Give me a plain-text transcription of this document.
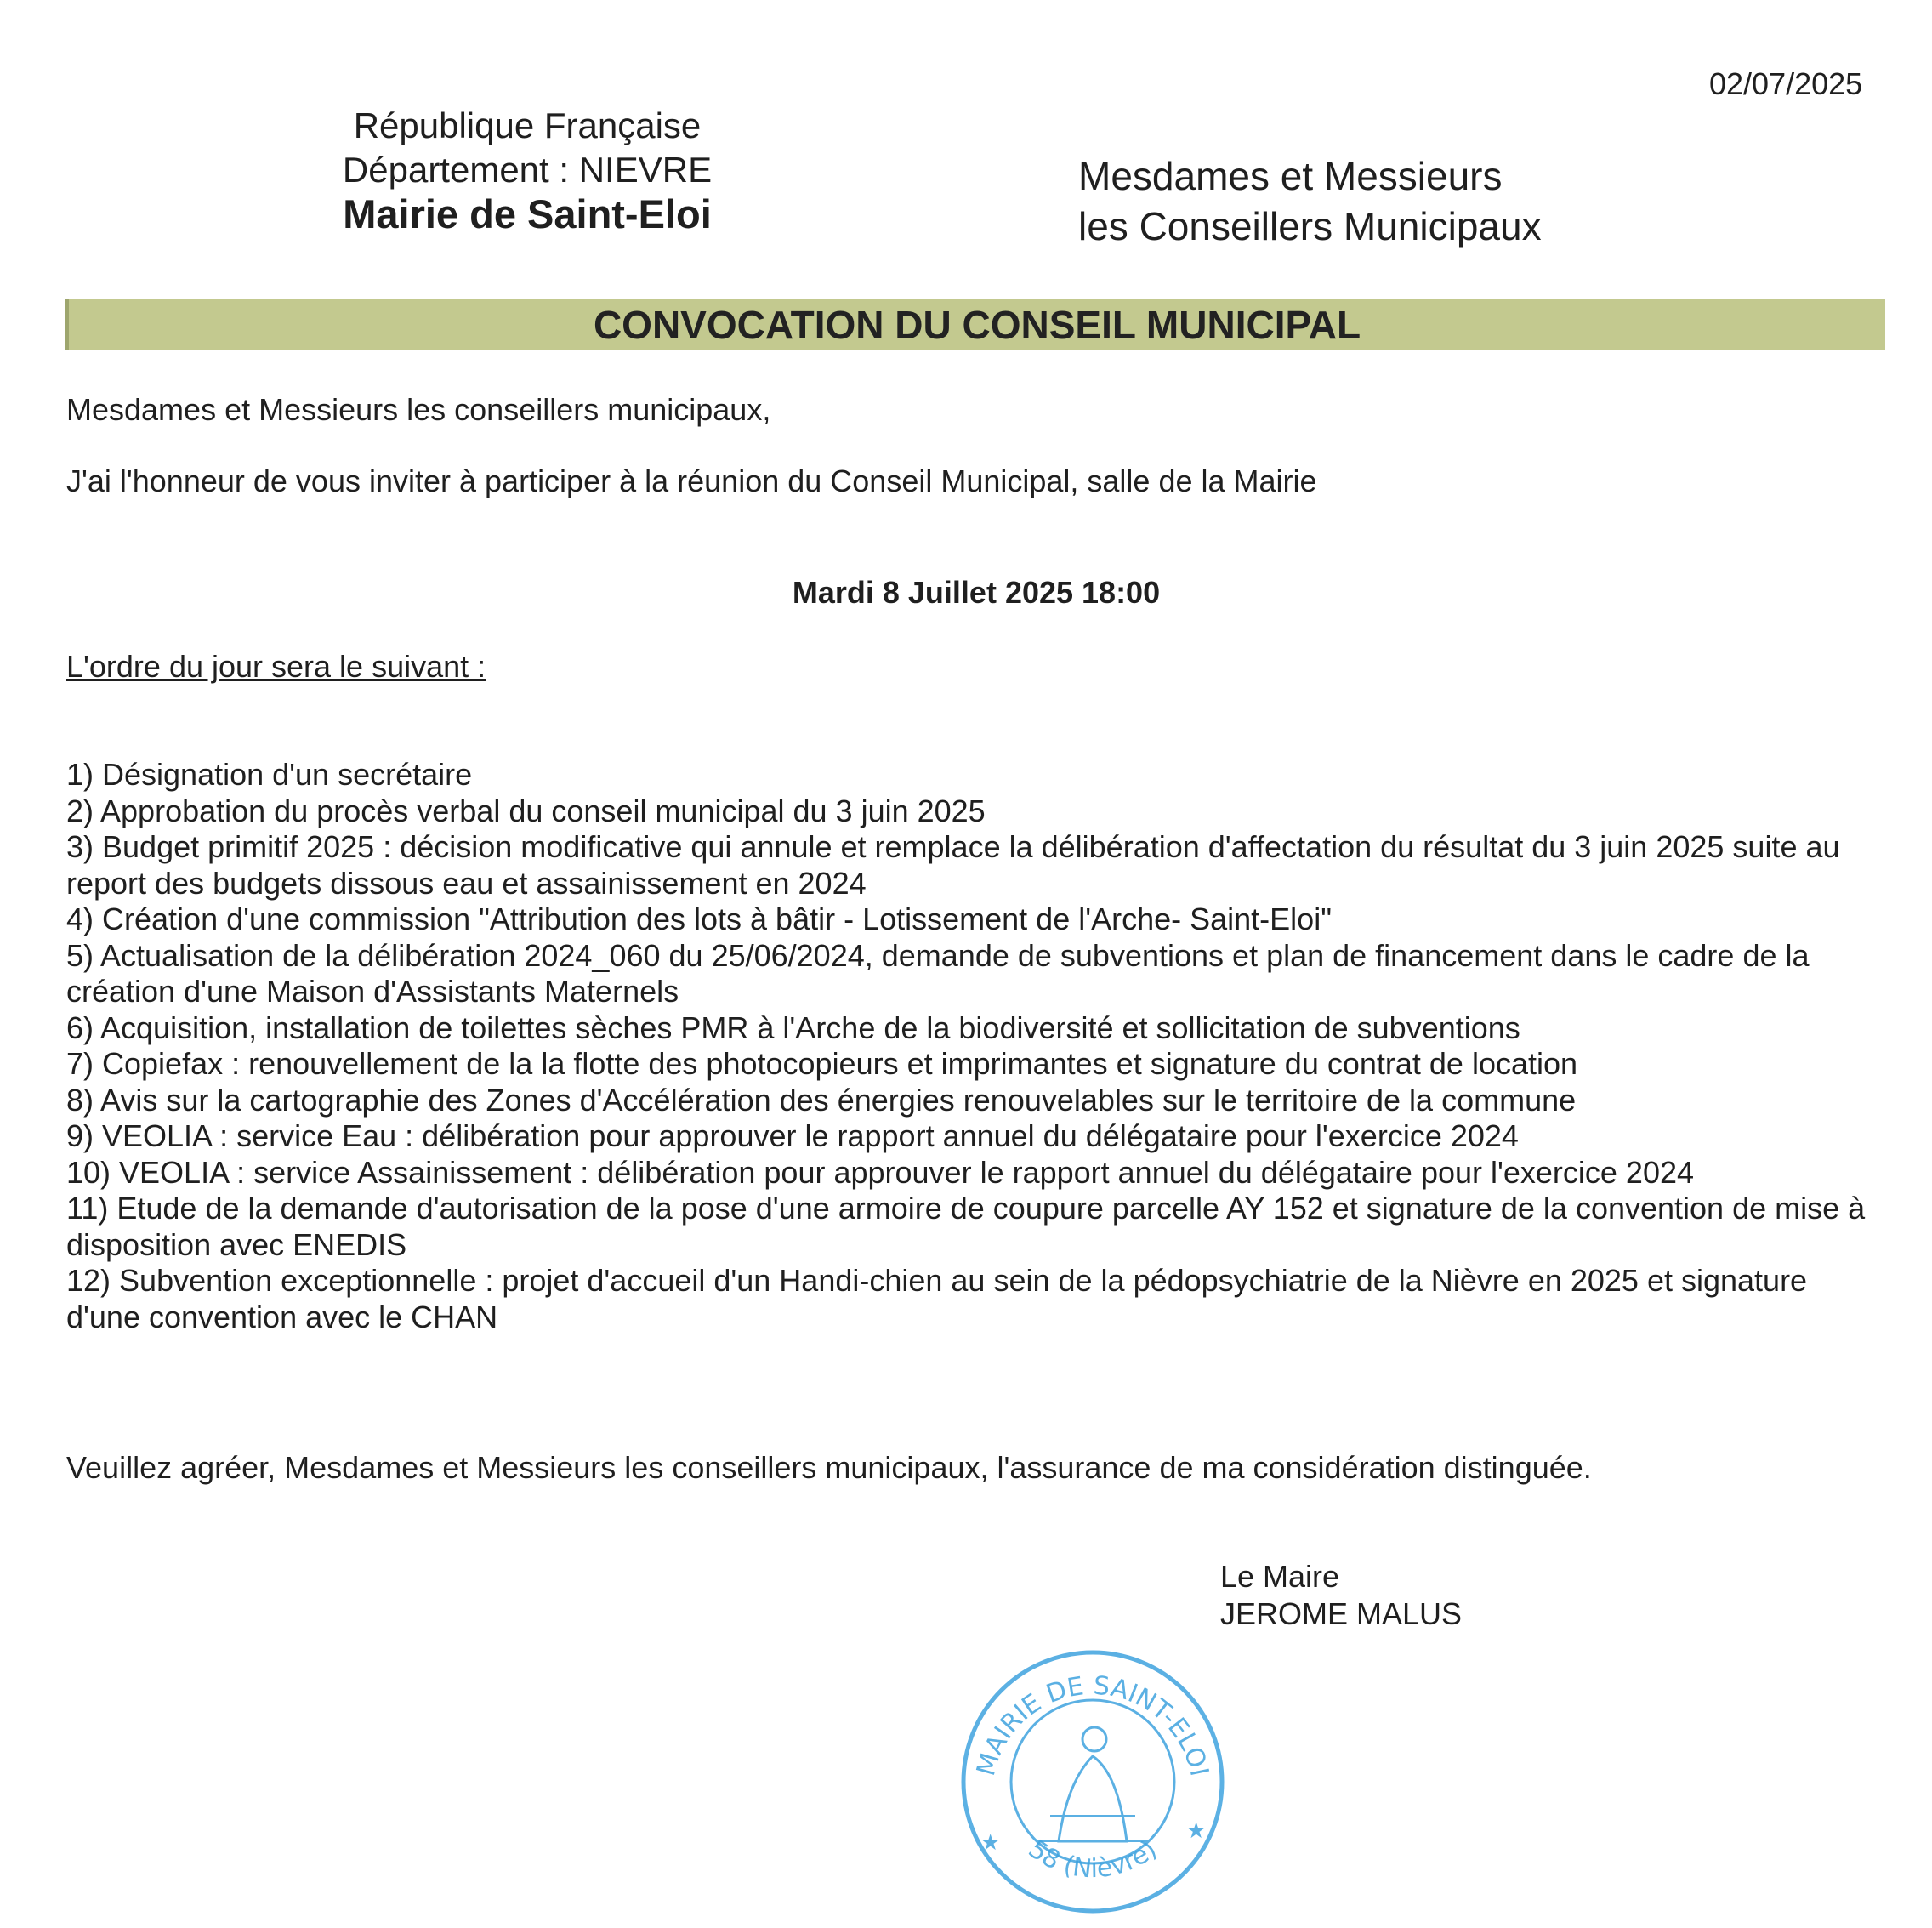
02/07/2025
République Française
Département : NIEVRE
Mairie de Saint-Eloi
Mesdames et Messieurs
les Conseillers Municipaux
CONVOCATION DU CONSEIL MUNICIPAL
Mesdames et Messieurs les conseillers municipaux,
J'ai l'honneur de vous inviter à participer à la réunion du Conseil Municipal, salle de la Mairie
Mardi 8 Juillet 2025 18:00
L'ordre du jour sera le suivant :
1) Désignation d'un secrétaire
2) Approbation du procès verbal du conseil municipal du 3 juin 2025
3) Budget primitif 2025 : décision modificative qui annule et remplace la délibération d'affectation du résultat du 3 juin 2025 suite au report des budgets dissous eau et assainissement en 2024
4) Création d'une commission "Attribution des lots à bâtir - Lotissement de l'Arche- Saint-Eloi"
5) Actualisation de la délibération 2024_060 du 25/06/2024, demande de subventions et plan de financement dans le cadre de la création d'une Maison d'Assistants Maternels
6) Acquisition, installation de toilettes sèches PMR à l'Arche de la biodiversité et sollicitation de subventions
7) Copiefax : renouvellement de la la flotte des photocopieurs et imprimantes et signature du contrat de location
8) Avis sur la cartographie des Zones d'Accélération des énergies renouvelables sur le territoire de la commune
9) VEOLIA : service Eau : délibération pour approuver le rapport annuel du délégataire pour l'exercice 2024
10) VEOLIA : service Assainissement : délibération pour approuver le rapport annuel du délégataire pour l'exercice 2024
11) Etude de la demande d'autorisation de la pose d'une armoire de coupure parcelle AY 152 et signature de la convention de mise à disposition avec ENEDIS
12) Subvention exceptionnelle : projet d'accueil d'un Handi-chien au sein de la pédopsychiatrie de la Nièvre en 2025 et signature d'une convention avec le CHAN
Veuillez agréer, Mesdames et Messieurs les conseillers municipaux, l'assurance de ma considération distinguée.
Le Maire
JEROME MALUS
MAIRIE DE SAINT-ELOI
58 (Nièvre)
★	★
